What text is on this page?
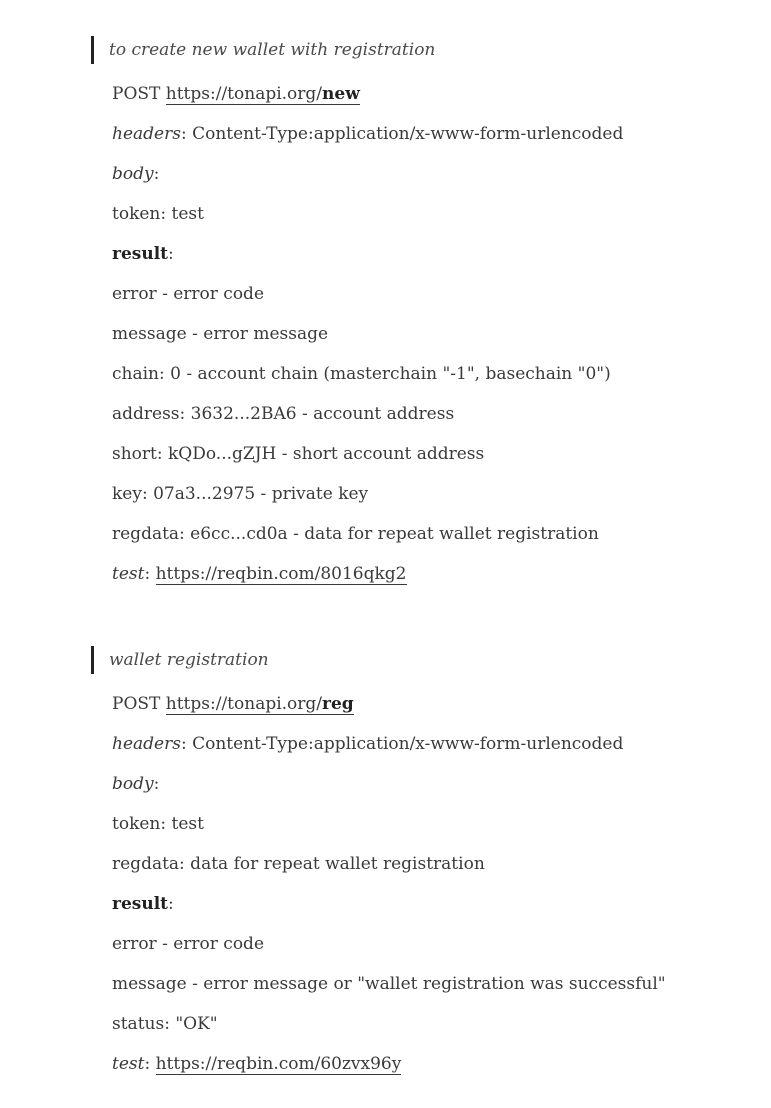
to create new wallet with registration
POST https://tonapi.org/new
headers: Content-Type:application/x-www-form-urlencoded
body:
token: test
result:
error - error code
message - error message
chain: 0 - account chain (masterchain "-1", basechain "0")
address: 3632...2BA6 - account address
short: kQDo...gZJH - short account address
key: 07a3...2975 - private key
regdata: e6cc...cd0a - data for repeat wallet registration
test: https://reqbin.com/8016qkg2
wallet registration
POST https://tonapi.org/reg
headers: Content-Type:application/x-www-form-urlencoded
body:
token: test
regdata: data for repeat wallet registration
result:
error - error code
message - error message or "wallet registration was successful"
status: "OK"
test: https://reqbin.com/60zvx96y
